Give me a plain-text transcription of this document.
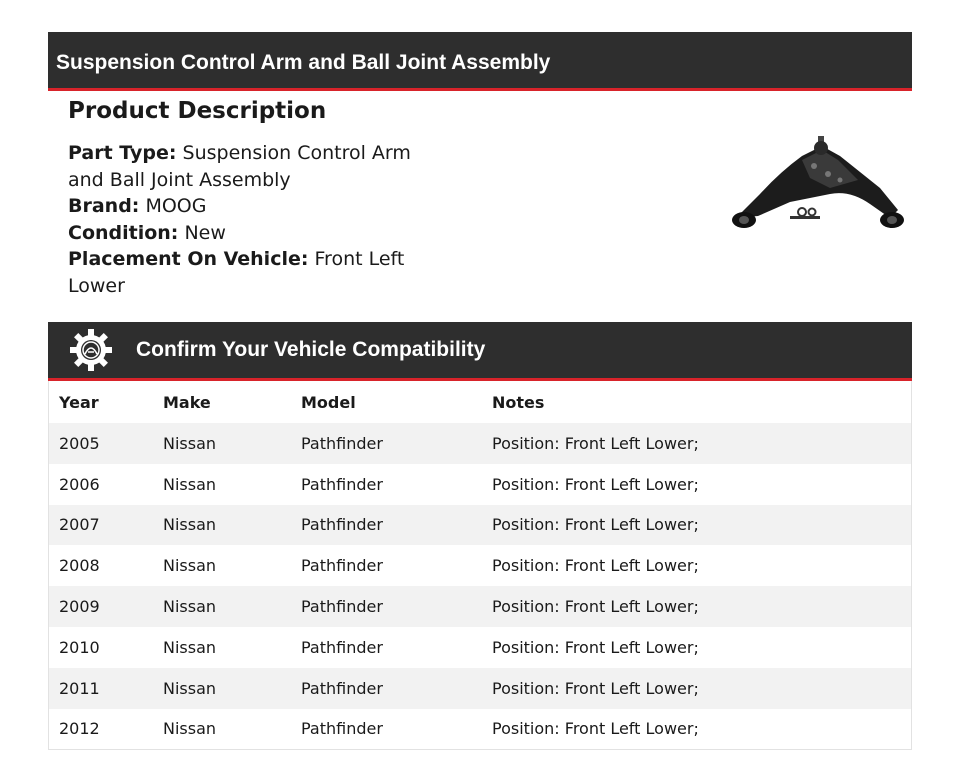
Suspension Control Arm and Ball Joint Assembly
Product Description
Part Type: Suspension Control Arm and Ball Joint Assembly
Brand: MOOG
Condition: New
Placement On Vehicle: Front Left Lower
Confirm Your Vehicle Compatibility
Year	Make	Model	Notes
2005	Nissan	Pathfinder	Position: Front Left Lower;
2006	Nissan	Pathfinder	Position: Front Left Lower;
2007	Nissan	Pathfinder	Position: Front Left Lower;
2008	Nissan	Pathfinder	Position: Front Left Lower;
2009	Nissan	Pathfinder	Position: Front Left Lower;
2010	Nissan	Pathfinder	Position: Front Left Lower;
2011	Nissan	Pathfinder	Position: Front Left Lower;
2012	Nissan	Pathfinder	Position: Front Left Lower;
